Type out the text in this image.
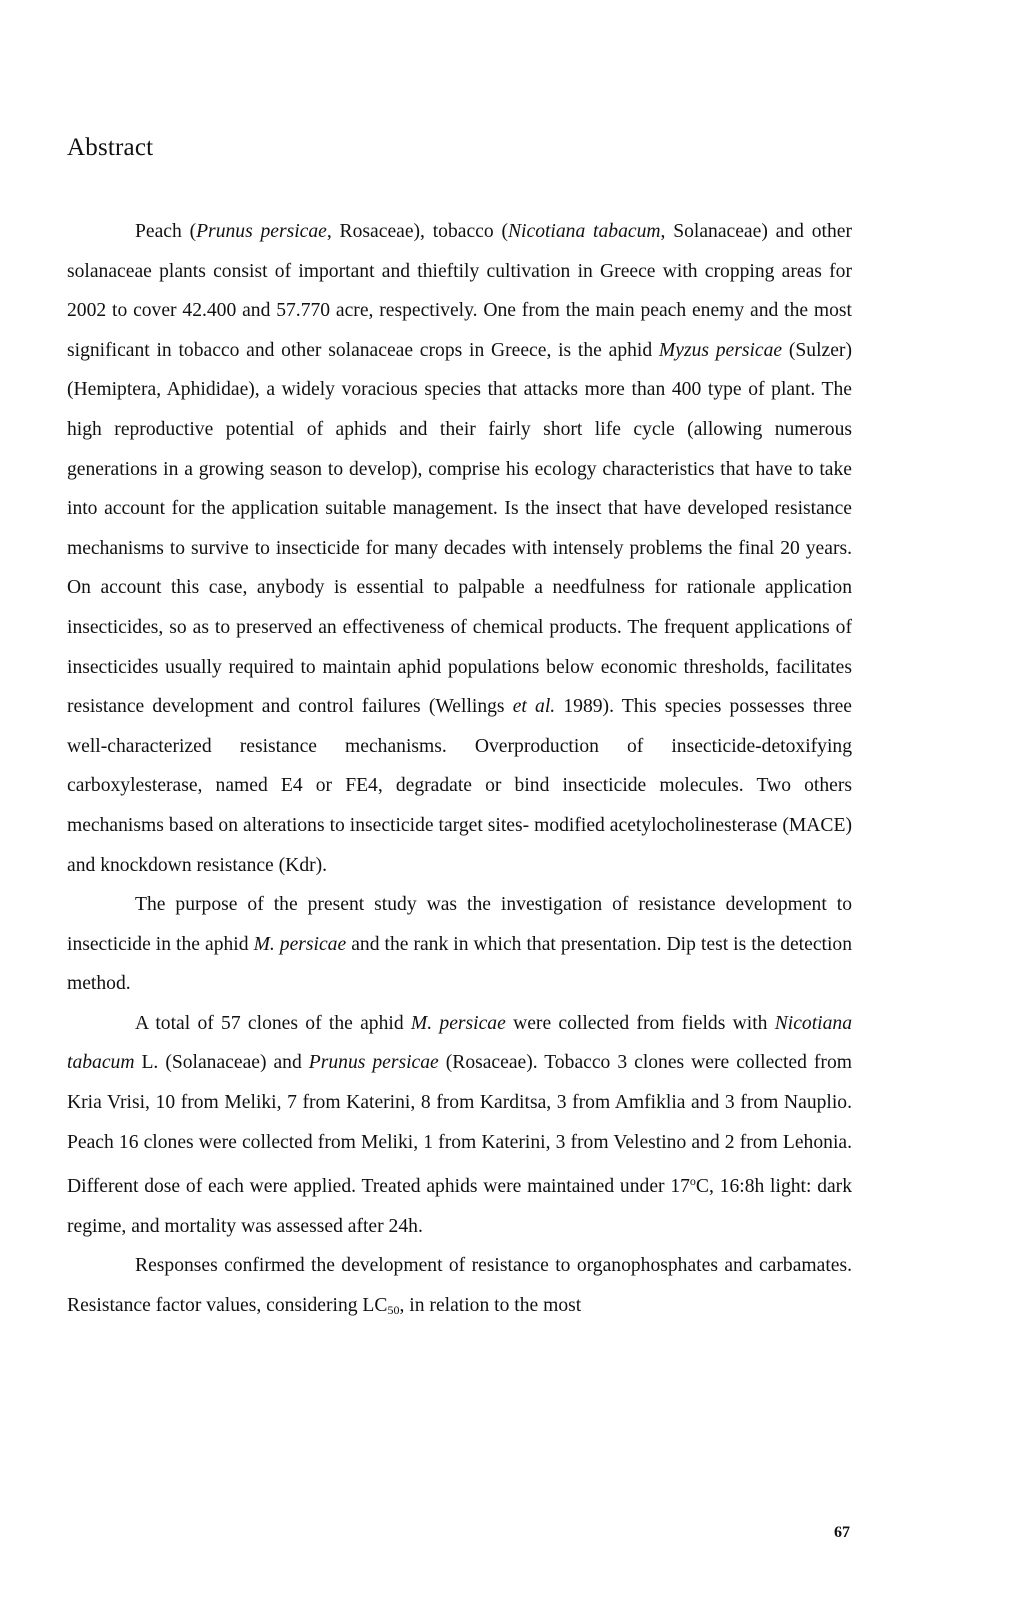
Abstract

Peach (Prunus persicae, Rosaceae), tobacco (Nicotiana tabacum, Solanaceae) and other solanaceae plants consist of important and thieftily cultivation in Greece with cropping areas for 2002 to cover 42.400 and 57.770 acre, respectively. One from the main peach enemy and the most significant in tobacco and other solanaceae crops in Greece, is the aphid Myzus persicae (Sulzer) (Hemiptera, Aphididae), a widely voracious species that attacks more than 400 type of plant. The high reproductive potential of aphids and their fairly short life cycle (allowing numerous generations in a growing season to develop), comprise his ecology characteristics that have to take into account for the application suitable management. Is the insect that have developed resistance mechanisms to survive to insecticide for many decades with intensely problems the final 20 years. On account this case, anybody is essential to palpable a needfulness for rationale application insecticides, so as to preserved an effectiveness of chemical products. The frequent applications of insecticides usually required to maintain aphid populations below economic thresholds, facilitates resistance development and control failures (Wellings et al. 1989). This species possesses three well-characterized resistance mechanisms. Overproduction of insecticide-detoxifying carboxylesterase, named E4 or FE4, degradate or bind insecticide molecules. Two others mechanisms based on alterations to insecticide target sites- modified acetylocholinesterase (MACE) and knockdown resistance (Kdr).

The purpose of the present study was the investigation of resistance development to insecticide in the aphid M. persicae and the rank in which that presentation. Dip test is the detection method.

A total of 57 clones of the aphid M. persicae were collected from fields with Nicotiana tabacum L. (Solanaceae) and Prunus persicae (Rosaceae). Tobacco 3 clones were collected from Kria Vrisi, 10 from Meliki, 7 from Katerini, 8 from Karditsa, 3 from Amfiklia and 3 from Nauplio. Peach 16 clones were collected from Meliki, 1 from Katerini, 3 from Velestino and 2 from Lehonia. Different dose of each were applied. Treated aphids were maintained under 17$^o$C, 16:8h light: dark regime, and mortality was assessed after 24h.

Responses confirmed the development of resistance to organophosphates and carbamates. Resistance factor values, considering $LC_{50}$, in relation to the most

67
